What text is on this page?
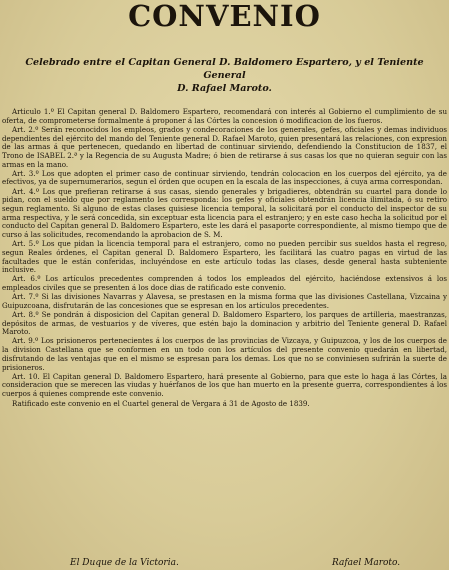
CONVENIO
Celebrado entre el Capitan General D. Baldomero Espartero, y el Teniente General
D. Rafael Maroto.

Articulo 1.º El Capitan general D. Baldomero Espartero, recomendará con interés al Gobierno el cumplimiento de su oferta, de comprometerse formalmente á proponer á las Córtes la concesion ó modificacion de los fueros.

Art. 2.º Serán reconocidos los empleos, grados y condecoraciones de los generales, gefes, oficiales y demas individuos dependientes del ejército del mando del Teniente general D. Rafael Maroto, quien presentará las relaciones, con expresion de las armas á que pertenecen, quedando en libertad de continuar sirviendo, defendiendo la Constitucion de 1837, el Trono de ISABEL 2.ª y la Regencia de su Augusta Madre; ó bien de retirarse á sus casas los que no quieran seguir con las armas en la mano.

Art. 3.º Los que adopten el primer caso de continuar sirviendo, tendrán colocacion en los cuerpos del ejército, ya de efectivos, ya de supernumerarios, segun el órden que ocupen en la escala de las inspecciones, á cuya arma correspondan.

Art. 4.º Los que prefieran retirarse á sus casas, siendo generales y brigadieres, obtendrán su cuartel para donde lo pidan, con el sueldo que por reglamento les corresponda: los gefes y oficiales obtendrán licencia ilimitada, ó su retiro segun reglamento. Si alguno de estas clases quisiese licencia temporal, la solicitará por el conducto del inspector de su arma respectiva, y le será concedida, sin exceptuar esta licencia para el estranjero; y en este caso hecha la solicitud por el conducto del Capitan general D. Baldomero Espartero, este les dará el pasaporte correspondiente, al mismo tiempo que de curso á las solicitudes, recomendando la aprobacion de S. M.

Art. 5.º Los que pidan la licencia temporal para el estranjero, como no pueden percibir sus sueldos hasta el regreso, segun Reales órdenes, el Capitan general D. Baldomero Espartero, les facilitará las cuatro pagas en virtud de las facultades que le están conferidas, incluyéndose en este artículo todas las clases, desde general hasta subteniente inclusive.

Art. 6.º Los artículos precedentes comprenden á todos los empleados del ejército, haciéndose extensivos á los empleados civiles que se presenten á los doce dias de ratificado este convenio.

Art. 7.º Si las divisiones Navarras y Alavesa, se prestasen en la misma forma que las divisiones Castellana, Vizcaina y Guipuzcoana, disfrutarán de las concesiones que se espresan en los artículos precedentes.

Art. 8.º Se pondrán á disposicion del Capitan general D. Baldomero Espartero, los parques de artilleria, maestranzas, depósitos de armas, de vestuarios y de víveres, que estén bajo la dominacion y arbitrio del Teniente general D. Rafael Maroto.

Art. 9.º Los prisioneros pertenecientes á los cuerpos de las provincias de Vizcaya, y Guipuzcoa, y los de los cuerpos de la division Castellana que se conformen en un todo con los artículos del presente convenio quedarán en libertad, disfrutando de las ventajas que en el mismo se espresan para los demas. Los que no se conviniesen sufrirán la suerte de prisioneros.

Art. 10. El Capitan general D. Baldomero Espartero, hará presente al Gobierno, para que este lo haga á las Córtes, la consideracion que se merecen las viudas y huérfanos de los que han muerto en la presente guerra, correspondientes á los cuerpos á quienes comprende este convenio.

Ratificado este convenio en el Cuartel general de Vergara á 31 de Agosto de 1839.

El Duque de la Victoria.	Rafael Maroto.
